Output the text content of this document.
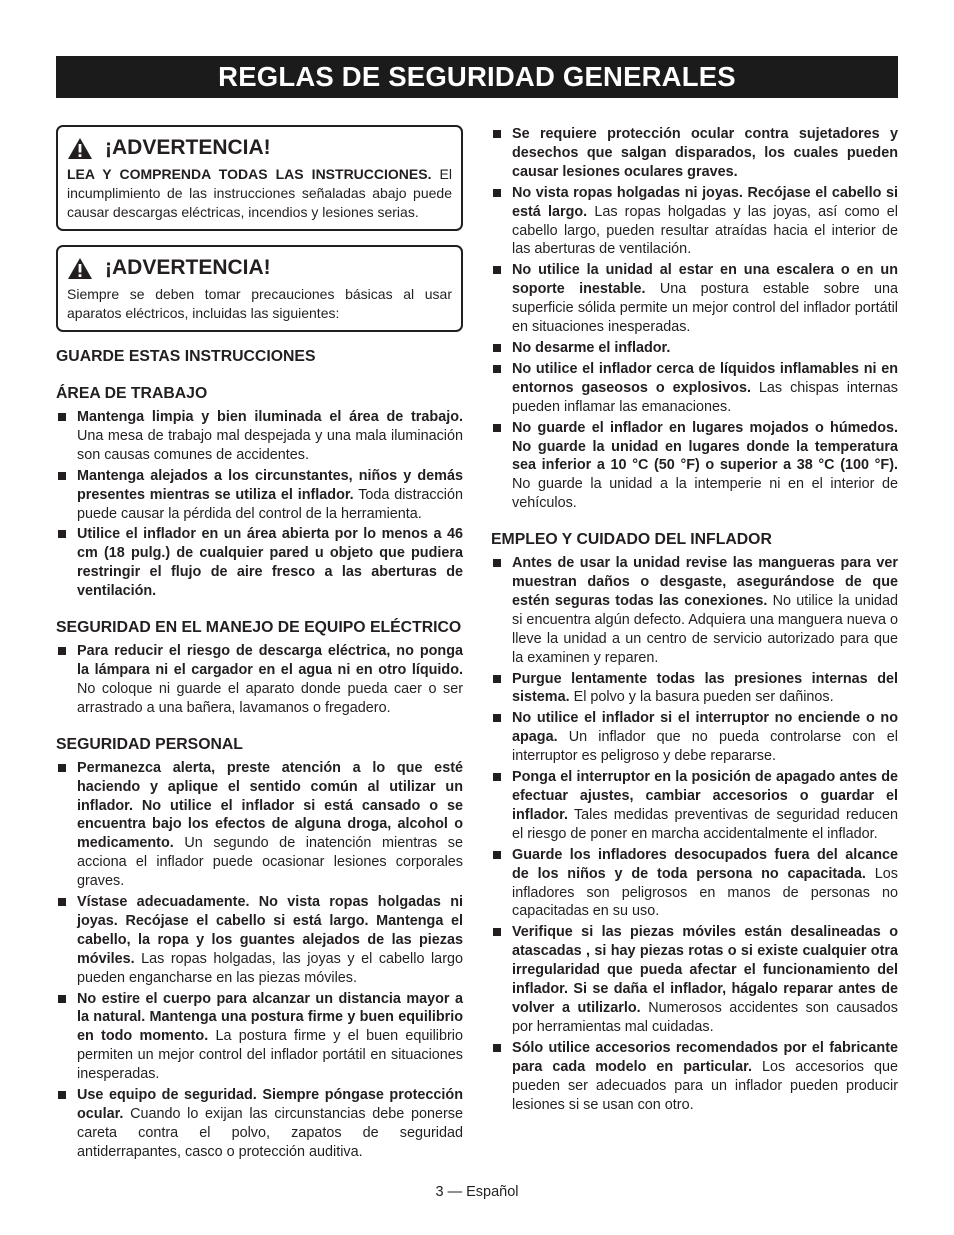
REGLAS DE SEGURIDAD GENERALES
¡ADVERTENCIA!

LEA Y COMPRENDA TODAS LAS INSTRUCCIONES. El incumplimiento de las instrucciones señaladas abajo puede causar descargas eléctricas, incendios y lesiones serias.

¡ADVERTENCIA!

Siempre se deben tomar precauciones básicas al usar aparatos eléctricos, incluidas las siguientes:

GUARDE ESTAS INSTRUCCIONES
ÁREA DE TRABAJO
Mantenga limpia y bien iluminada el área de trabajo. Una mesa de trabajo mal despejada y una mala iluminación son causas comunes de accidentes.
Mantenga alejados a los circunstantes, niños y demás presentes mientras se utiliza el inflador. Toda distracción puede causar la pérdida del control de la herramienta.
Utilice el inflador en un área abierta por lo menos a 46 cm (18 pulg.) de cualquier pared u objeto que pudiera restringir el flujo de aire fresco a las aberturas de ventilación.
SEGURIDAD EN EL MANEJO DE EQUIPO ELÉCTRICO
Para reducir el riesgo de descarga eléctrica, no ponga la lámpara ni el cargador en el agua ni en otro líquido. No coloque ni guarde el aparato donde pueda caer o ser arrastrado a una bañera, lavamanos o fregadero.
SEGURIDAD PERSONAL
Permanezca alerta, preste atención a lo que esté haciendo y aplique el sentido común al utilizar un inflador. No utilice el inflador si está cansado o se encuentra bajo los efectos de alguna droga, alcohol o medicamento. Un segundo de inatención mientras se acciona el inflador puede ocasionar lesiones corporales graves.
Vístase adecuadamente. No vista ropas holgadas ni joyas. Recójase el cabello si está largo. Mantenga el cabello, la ropa y los guantes alejados de las piezas móviles. Las ropas holgadas, las joyas y el cabello largo pueden engancharse en las piezas móviles.
No estire el cuerpo para alcanzar un distancia mayor a la natural. Mantenga una postura firme y buen equilibrio en todo momento. La postura firme y el buen equilibrio permiten un mejor control del inflador portátil en situaciones inesperadas.
Use equipo de seguridad. Siempre póngase protección ocular. Cuando lo exijan las circunstancias debe ponerse careta contra el polvo, zapatos de seguridad antiderrapantes, casco o protección auditiva.
Se requiere protección ocular contra sujetadores y desechos que salgan disparados, los cuales pueden causar lesiones oculares graves.
No vista ropas holgadas ni joyas. Recójase el cabello si está largo. Las ropas holgadas y las joyas, así como el cabello largo, pueden resultar atraídas hacia el interior de las aberturas de ventilación.
No utilice la unidad al estar en una escalera o en un soporte inestable. Una postura estable sobre una superficie sólida permite un mejor control del inflador portátil en situaciones inesperadas.
No desarme el inflador.
No utilice el inflador cerca de líquidos inflamables ni en entornos gaseosos o explosivos. Las chispas internas pueden inflamar las emanaciones.
No guarde el inflador en lugares mojados o húmedos. No guarde la unidad en lugares donde la temperatura sea inferior a 10 °C (50 °F) o superior a 38 °C (100 °F). No guarde la unidad a la intemperie ni en el interior de vehículos.
EMPLEO Y CUIDADO DEL INFLADOR
Antes de usar la unidad revise las mangueras para ver muestran daños o desgaste, asegurándose de que estén seguras todas las conexiones. No utilice la unidad si encuentra algún defecto. Adquiera una manguera nueva o lleve la unidad a un centro de servicio autorizado para que la examinen y reparen.
Purgue lentamente todas las presiones internas del sistema. El polvo y la basura pueden ser dañinos.
No utilice el inflador si el interruptor no enciende o no apaga. Un inflador que no pueda controlarse con el interruptor es peligroso y debe repararse.
Ponga el interruptor en la posición de apagado antes de efectuar ajustes, cambiar accesorios o guardar el inflador. Tales medidas preventivas de seguridad reducen el riesgo de poner en marcha accidentalmente el inflador.
Guarde los infladores desocupados fuera del alcance de los niños y de toda persona no capacitada. Los infladores son peligrosos en manos de personas no capacitadas en su uso.
Verifique si las piezas móviles están desalineadas o atascadas , si hay piezas rotas o si existe cualquier otra irregularidad que pueda afectar el funcionamiento del inflador. Si se daña el inflador, hágalo reparar antes de volver a utilizarlo. Numerosos accidentes son causados por herramientas mal cuidadas.
Sólo utilice accesorios recomendados por el fabricante para cada modelo en particular. Los accesorios que pueden ser adecuados para un inflador pueden producir lesiones si se usan con otro.
3 — Español
